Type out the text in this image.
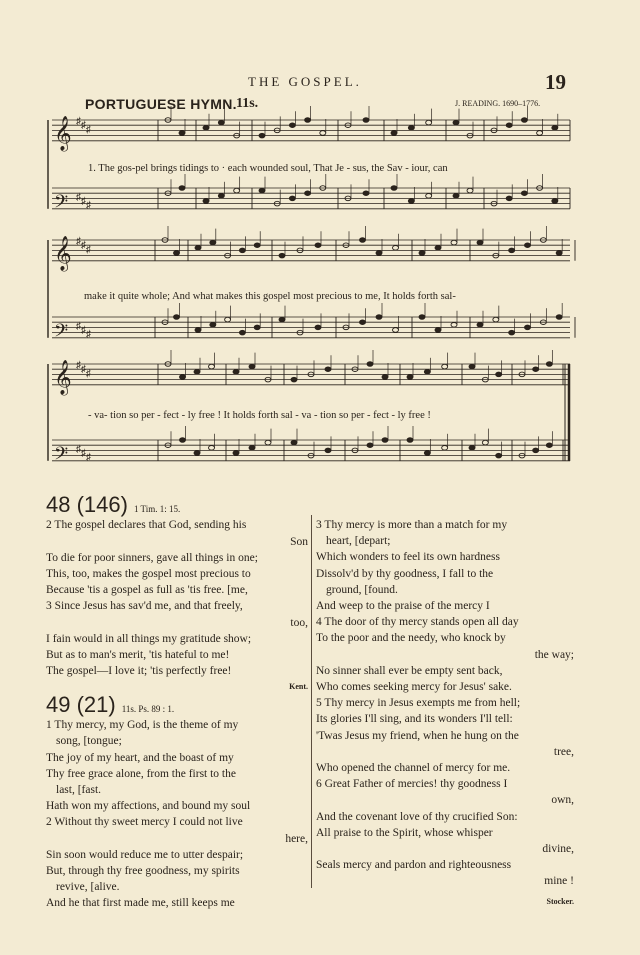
THE GOSPEL.	19
PORTUGUESE HYMN. 11s.	J. READING. 1690–1776.
𝄞 ♯ ♯ ♯
𝄢 ♯ ♯ ♯
𝄞 ♯ ♯ ♯
𝄢 ♯ ♯ ♯
𝄞 ♯ ♯ ♯
𝄢 ♯ ♯ ♯
1. The gos-pel brings tidings to · each wounded soul, That Je - sus, the Sav - iour, can
make it quite whole; And what makes this gospel most precious to me, It holds forth sal-
- va- tion so per - fect - ly free ! It holds forth sal - va - tion so per - fect - ly free !
48 (146) 1 Tim. 1: 15.
2 The gospel declares that God, sending his
Son
To die for poor sinners, gave all things in one;
This, too, makes the gospel most precious to
Because 'tis a gospel as full as 'tis free. [me,
3 Since Jesus has sav'd me, and that freely,
too,
I fain would in all things my gratitude show;
But as to man's merit, 'tis hateful to me!
The gospel—I love it; 'tis perfectly free!
Kent.
49 (21) 11s. Ps. 89 : 1.
1 Thy mercy, my God, is the theme of my
song, [tongue;
The joy of my heart, and the boast of my
Thy free grace alone, from the first to the
last, [fast.
Hath won my affections, and bound my soul
2 Without thy sweet mercy I could not live
here,
Sin soon would reduce me to utter despair;
But, through thy free goodness, my spirits
revive, [alive.
And he that first made me, still keeps me
3 Thy mercy is more than a match for my
heart, [depart;
Which wonders to feel its own hardness
Dissolv'd by thy goodness, I fall to the
ground, [found.
And weep to the praise of the mercy I
4 The door of thy mercy stands open all day
To the poor and the needy, who knock by
the way;
No sinner shall ever be empty sent back,
Who comes seeking mercy for Jesus' sake.
5 Thy mercy in Jesus exempts me from hell;
Its glories I'll sing, and its wonders I'll tell:
'Twas Jesus my friend, when he hung on the
tree,
Who opened the channel of mercy for me.
6 Great Father of mercies! thy goodness I
own,
And the covenant love of thy crucified Son:
All praise to the Spirit, whose whisper
divine,
Seals mercy and pardon and righteousness
mine !
Stocker.
